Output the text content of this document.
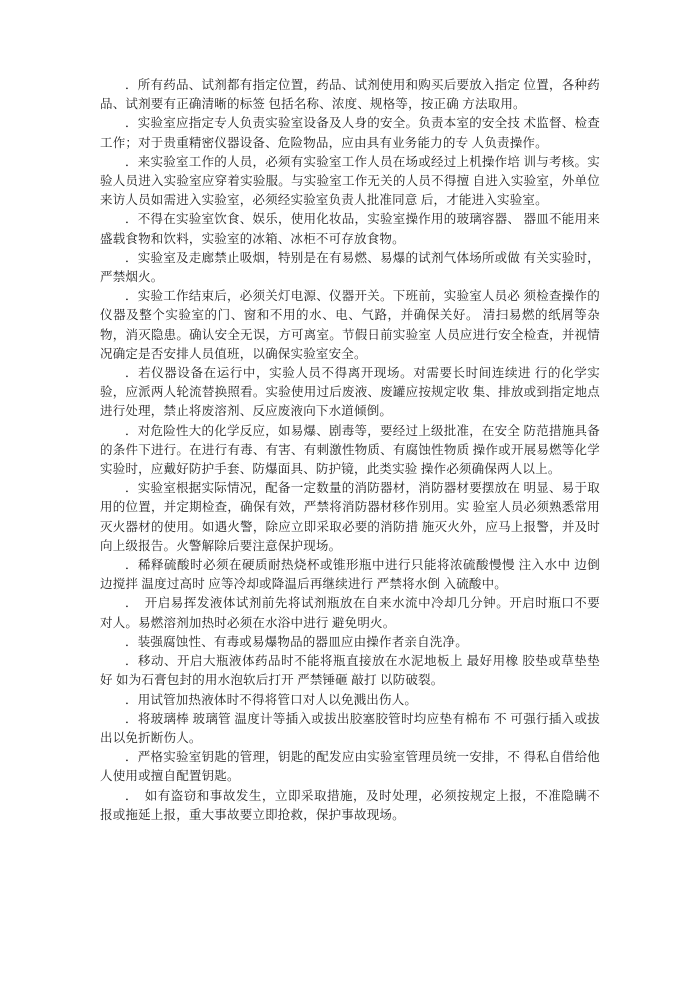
．所有药品、试剂都有指定位置，药品、试剂使用和购买后要放入指定 位置，各种药品、试剂要有正确清晰的标签 包括名称、浓度、规格等，按正确 方法取用。

．实验室应指定专人负责实验室设备及人身的安全。负责本室的安全技 术监督、检查工作；对于贵重精密仪器设备、危险物品，应由具有业务能力的专 人负责操作。

．来实验室工作的人员，必须有实验室工作人员在场或经过上机操作培 训与考核。实验人员进入实验室应穿着实验服。与实验室工作无关的人员不得擅 自进入实验室，外单位来访人员如需进入实验室，必须经实验室负责人批准同意 后，才能进入实验室。

．不得在实验室饮食、娱乐，使用化妆品，实验室操作用的玻璃容器、 器皿不能用来盛载食物和饮料，实验室的冰箱、冰柜不可存放食物。

．实验室及走廊禁止吸烟，特别是在有易燃、易爆的试剂气体场所或做 有关实验时，严禁烟火。

．实验工作结束后，必须关灯电源、仪器开关。下班前，实验室人员必 须检查操作的仪器及整个实验室的门、窗和不用的水、电、气路，并确保关好。 清扫易燃的纸屑等杂物，消灭隐患。确认安全无误，方可离室。节假日前实验室 人员应进行安全检查，并视情况确定是否安排人员值班，以确保实验室安全。

．若仪器设备在运行中，实验人员不得离开现场。对需要长时间连续进 行的化学实验，应派两人轮流替换照看。实验使用过后废液、废罐应按规定收 集、排放或到指定地点进行处理，禁止将废溶剂、反应废液向下水道倾倒。

．对危险性大的化学反应，如易爆、剧毒等，要经过上级批准，在安全 防范措施具备的条件下进行。在进行有毒、有害、有刺激性物质、有腐蚀性物质 操作或开展易燃等化学实验时，应戴好防护手套、防爆面具、防护镜，此类实验 操作必须确保两人以上。

．实验室根据实际情况，配备一定数量的消防器材，消防器材要摆放在 明显、易于取用的位置，并定期检查，确保有效，严禁将消防器材移作别用。实 验室人员必须熟悉常用灭火器材的使用。如遇火警，除应立即采取必要的消防措 施灭火外，应马上报警，并及时向上级报告。火警解除后要注意保护现场。

．稀释硫酸时必须在硬质耐热烧杯或锥形瓶中进行只能将浓硫酸慢慢 注入水中 边倒边搅拌 温度过高时 应等冷却或降温后再继续进行 严禁将水倒 入硫酸中。

．　开启易挥发液体试剂前先将试剂瓶放在自来水流中冷却几分钟。开启时瓶口不要对人。易燃溶剂加热时必须在水浴中进行 避免明火。

．装强腐蚀性、有毒或易爆物品的器皿应由操作者亲自洗净。

．移动、开启大瓶液体药品时不能将瓶直接放在水泥地板上 最好用橡 胶垫或草垫垫好 如为石膏包封的用水泡软后打开 严禁锤砸 敲打 以防破裂。

．用试管加热液体时不得将管口对人以免溅出伤人。

．将玻璃棒 玻璃管 温度计等插入或拔出胶塞胶管时均应垫有棉布 不 可强行插入或拔出以免折断伤人。

．严格实验室钥匙的管理，钥匙的配发应由实验室管理员统一安排，不 得私自借给他人使用或擅自配置钥匙。

．　如有盗窃和事故发生，立即采取措施，及时处理，必须按规定上报，不准隐瞒不报或拖延上报，重大事故要立即抢救，保护事故现场。
